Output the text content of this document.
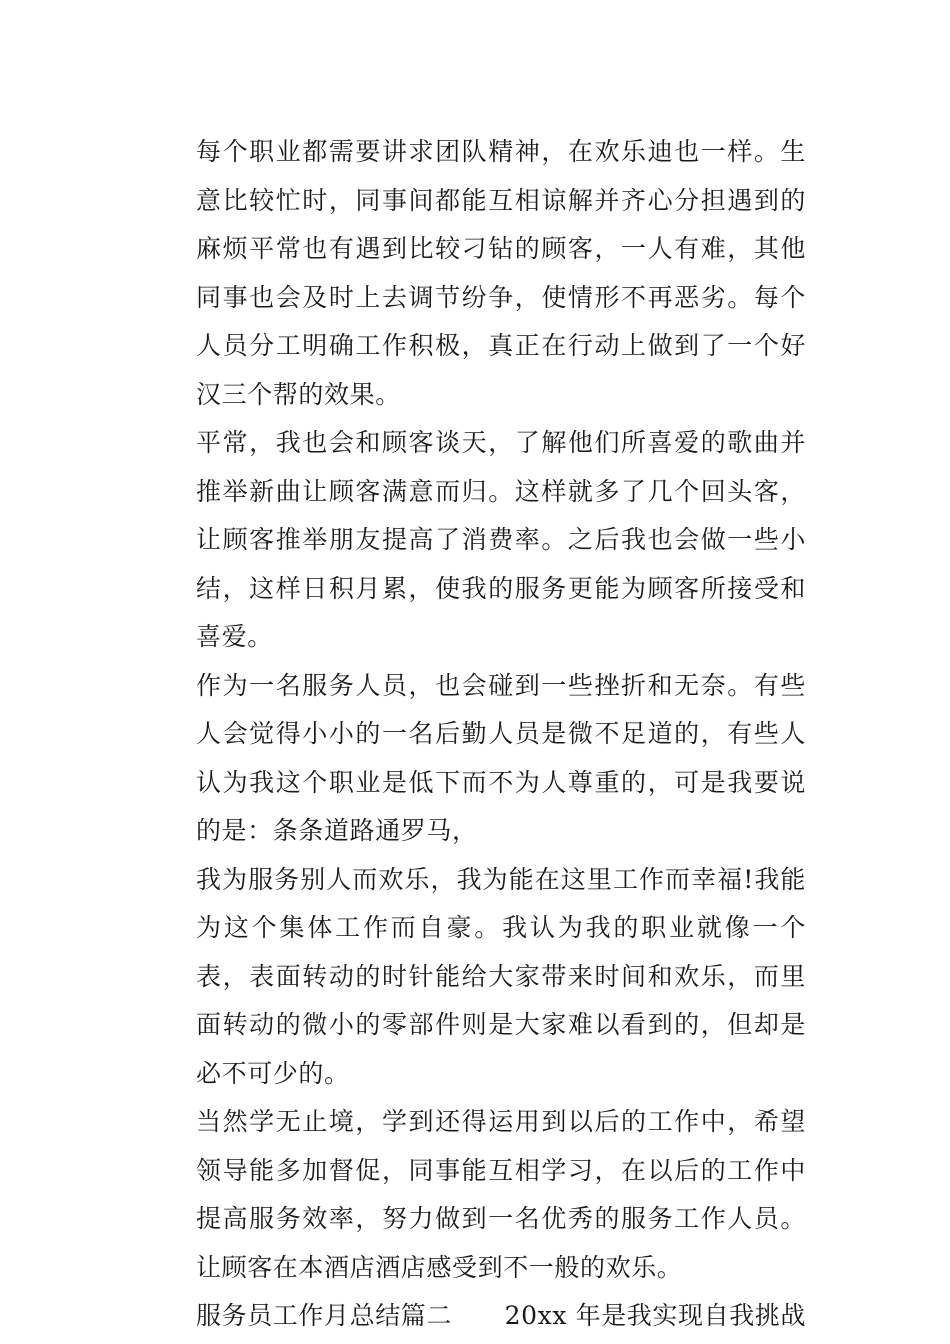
每个职业都需要讲求团队精神，在欢乐迪也一样。生意比较忙时，同事间都能互相谅解并齐心分担遇到的麻烦平常也有遇到比较刁钻的顾客，一人有难，其他同事也会及时上去调节纷争，使情形不再恶劣。每个人员分工明确工作积极，真正在行动上做到了一个好汉三个帮的效果。

平常，我也会和顾客谈天，了解他们所喜爱的歌曲并推举新曲让顾客满意而归。这样就多了几个回头客，让顾客推举朋友提高了消费率。之后我也会做一些小结，这样日积月累，使我的服务更能为顾客所接受和喜爱。

作为一名服务人员，也会碰到一些挫折和无奈。有些人会觉得小小的一名后勤人员是微不足道的，有些人认为我这个职业是低下而不为人尊重的，可是我要说的是：条条道路通罗马，

我为服务别人而欢乐，我为能在这里工作而幸福!我能为这个集体工作而自豪。我认为我的职业就像一个表，表面转动的时针能给大家带来时间和欢乐，而里面转动的微小的零部件则是大家难以看到的，但却是必不可少的。

当然学无止境，学到还得运用到以后的工作中，希望领导能多加督促，同事能互相学习，在以后的工作中提高服务效率，努力做到一名优秀的服务工作人员。让顾客在本酒店酒店感受到不一般的欢乐。

服务员工作月总结篇二 20xx 年是我实现自我挑战
